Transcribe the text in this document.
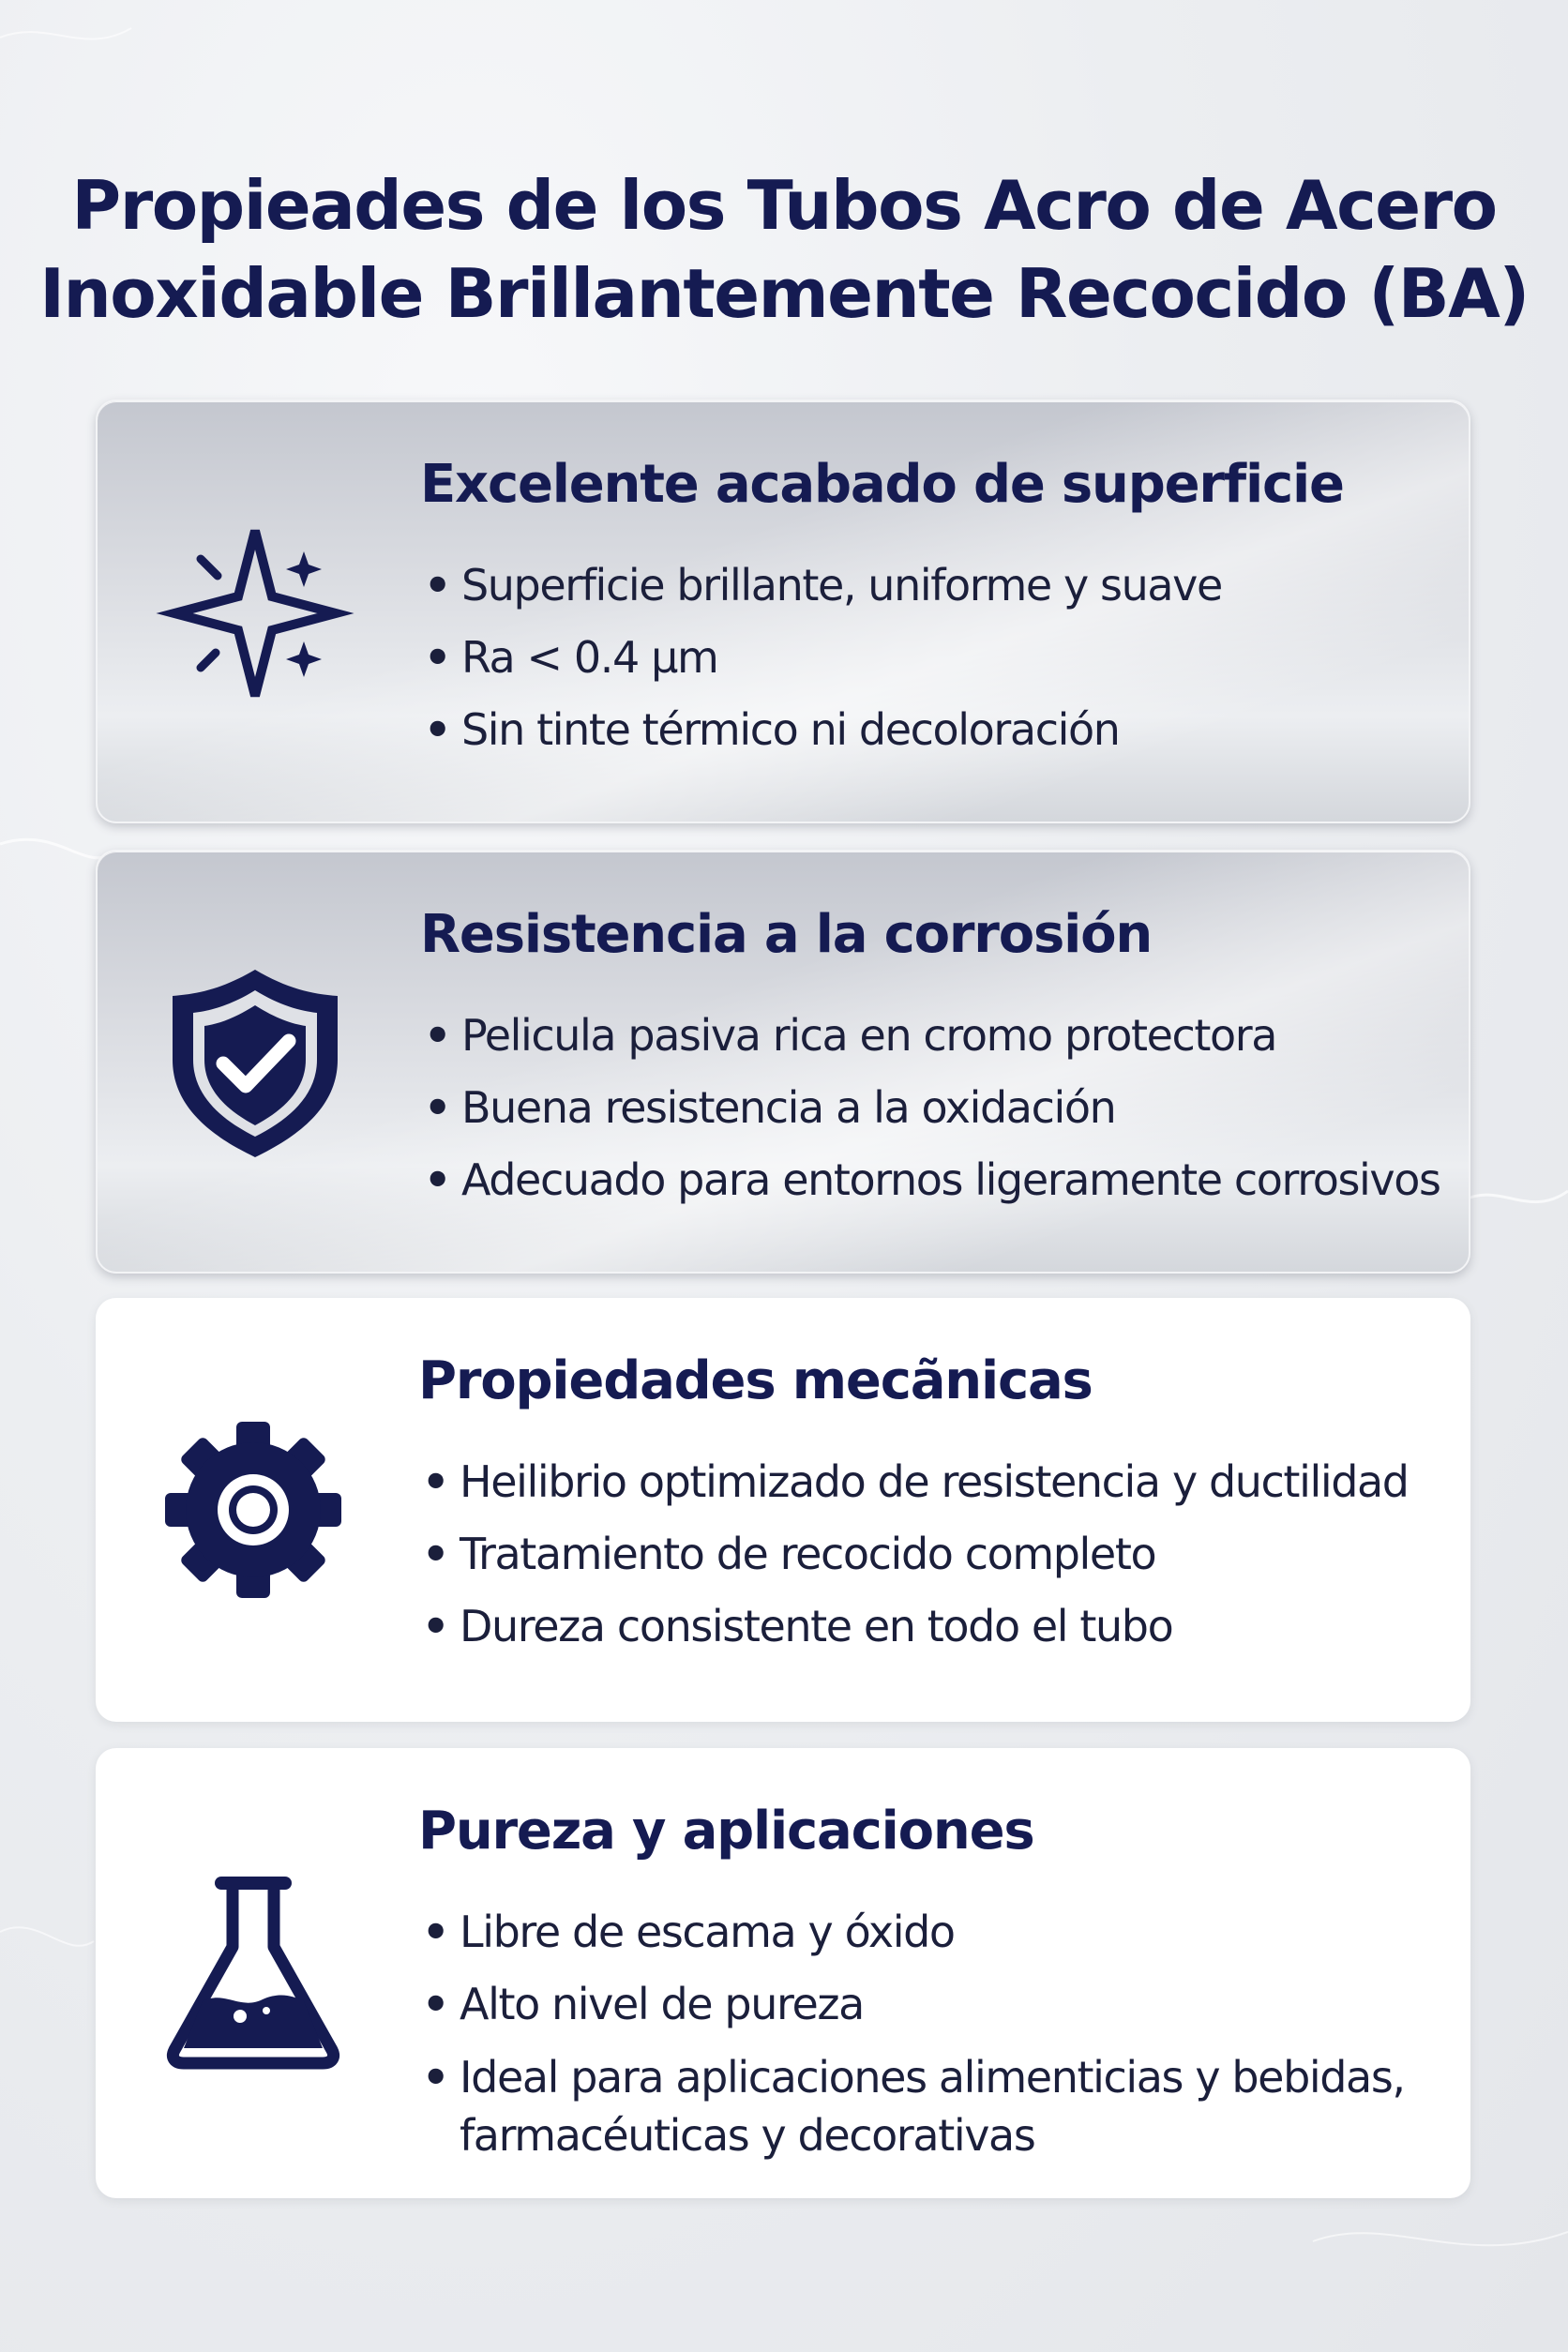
Propieades de los Tubos Acro de Acero
Inoxidable Brillantemente Recocido (BA)
Excelente acabado de superficie
• Superficie brillante, uniforme y suave
• Ra < 0.4 µm
• Sin tinte térmico ni decoloración
Resistencia a la corrosión
• Pelicula pasiva rica en cromo protectora
• Buena resistencia a la oxidación
• Adecuado para entornos ligeramente corrosivos
Propiedades mecãnicas
• Heilibrio optimizado de resistencia y ductilidad
• Tratamiento de recocido completo
• Dureza consistente en todo el tubo
Pureza y aplicaciones
• Libre de escama y óxido
• Alto nivel de pureza
• Ideal para aplicaciones alimenticias y bebidas, farmacéuticas y decorativas
